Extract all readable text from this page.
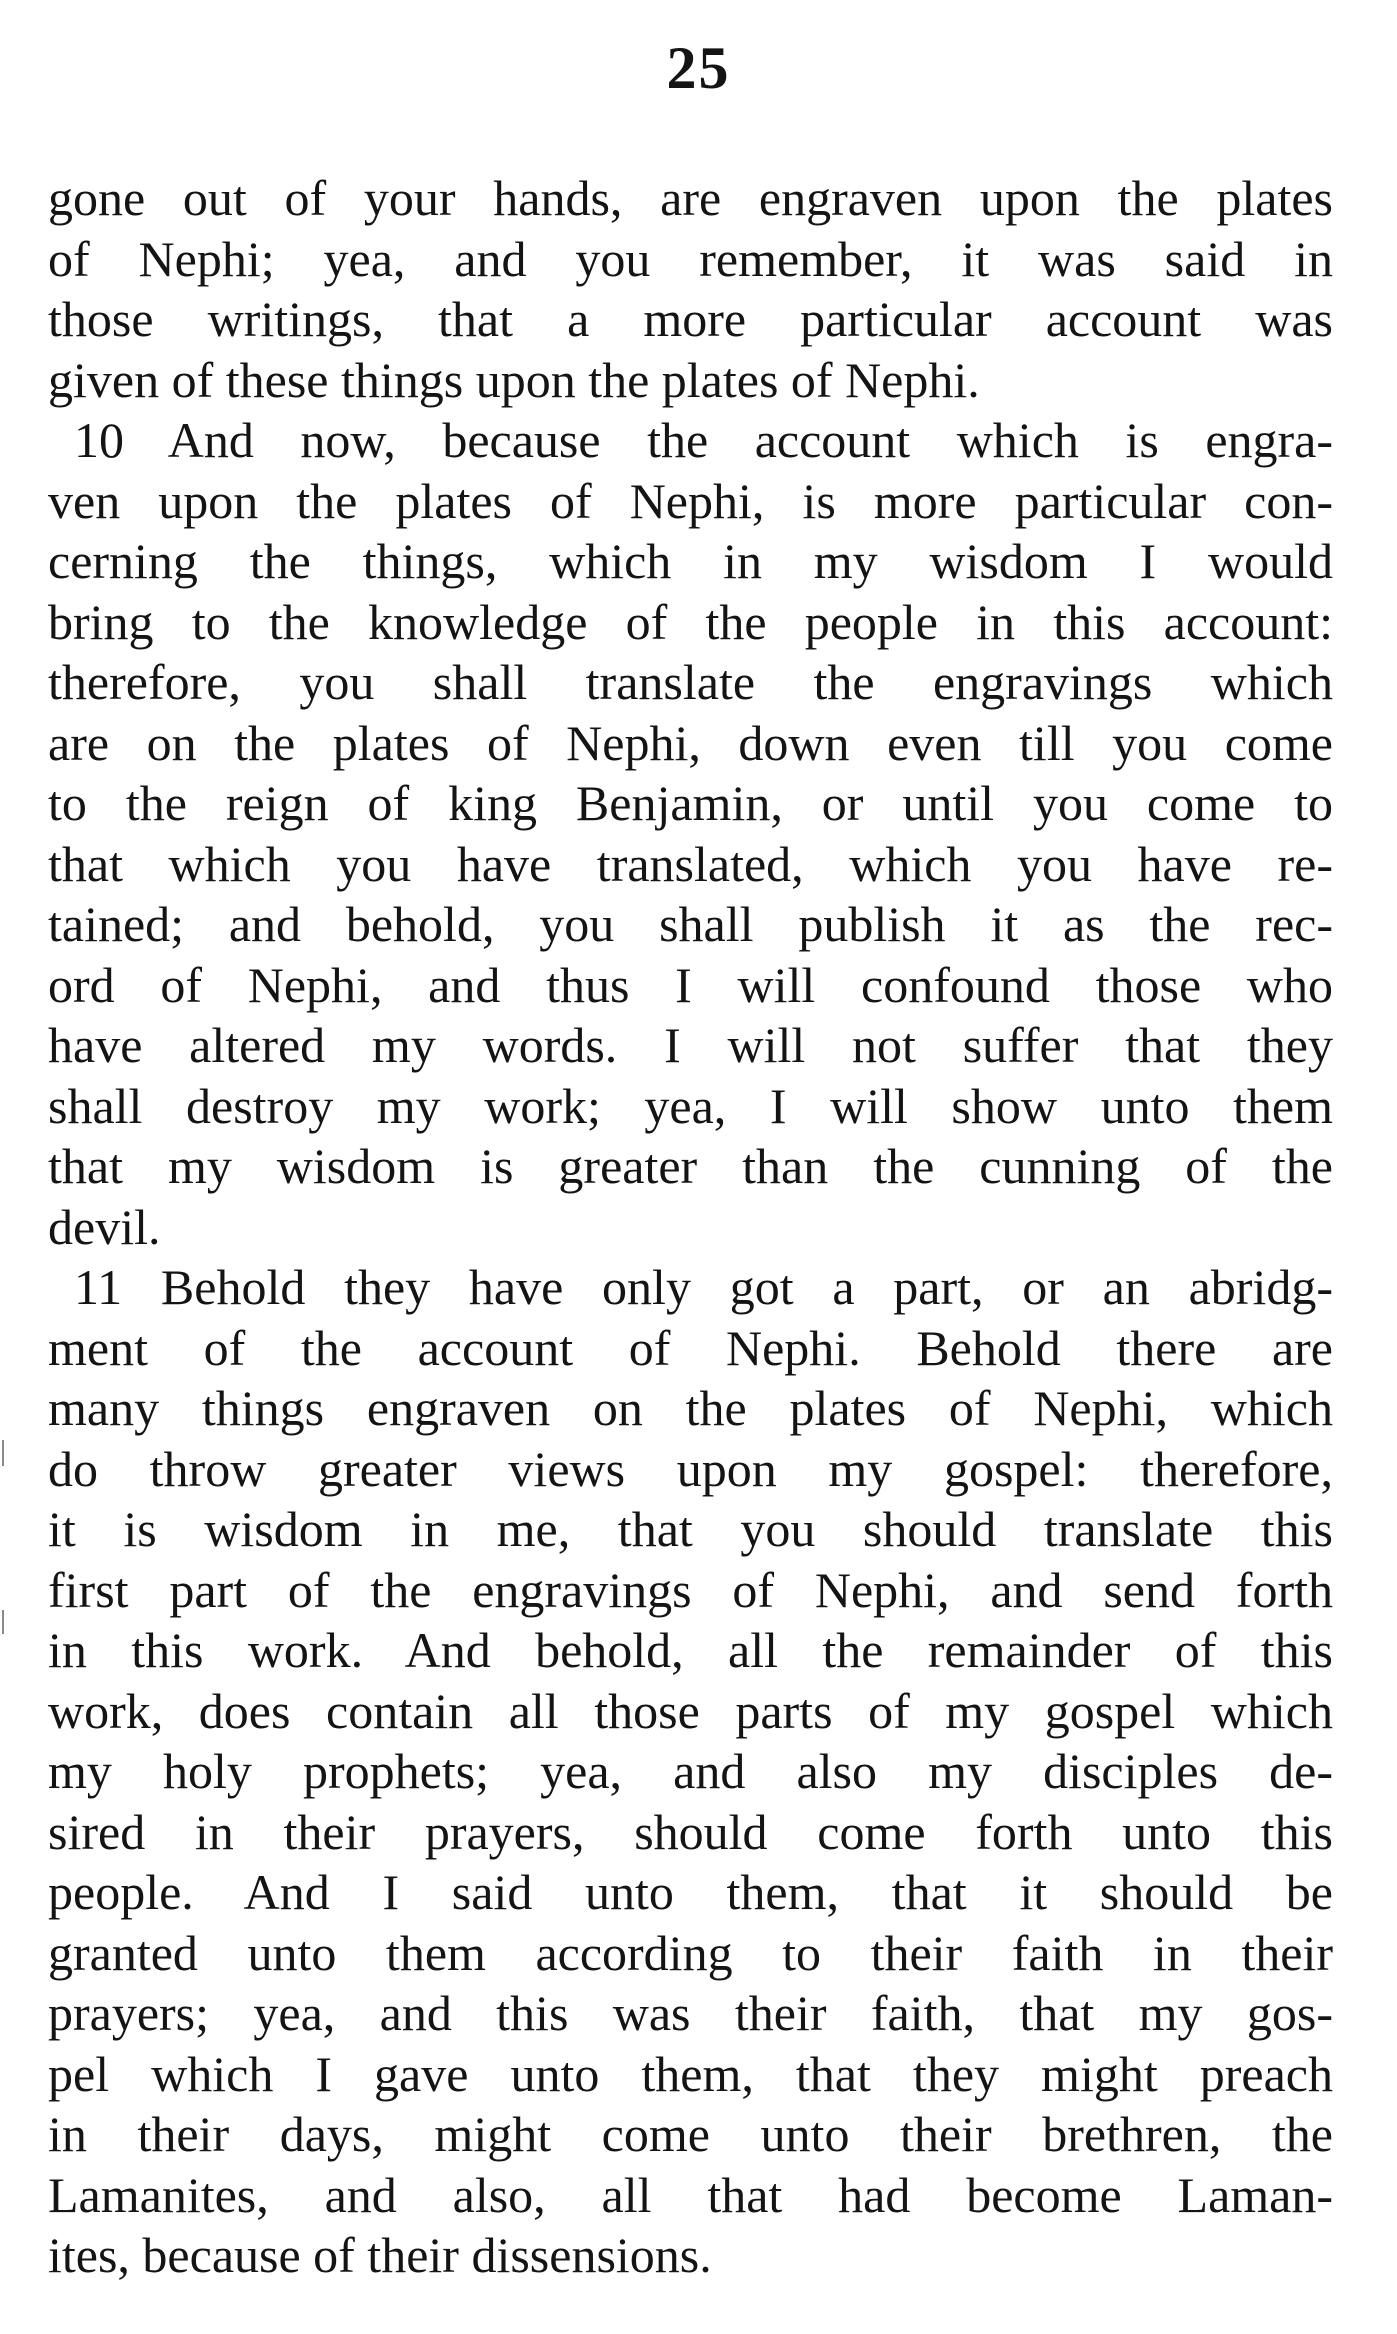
25
gone out of your hands, are engraven upon the plates
of Nephi; yea, and you remember, it was said in
those writings, that a more particular account was
given of these things upon the plates of Nephi.
10 And now, because the account which is engra-
ven upon the plates of Nephi, is more particular con-
cerning the things, which in my wisdom I would
bring to the knowledge of the people in this account:
therefore, you shall translate the engravings which
are on the plates of Nephi, down even till you come
to the reign of king Benjamin, or until you come to
that which you have translated, which you have re-
tained; and behold, you shall publish it as the rec-
ord of Nephi, and thus I will confound those who
have altered my words. I will not suffer that they
shall destroy my work; yea, I will show unto them
that my wisdom is greater than the cunning of the
devil.
11 Behold they have only got a part, or an abridg-
ment of the account of Nephi. Behold there are
many things engraven on the plates of Nephi, which
do throw greater views upon my gospel: therefore,
it is wisdom in me, that you should translate this
first part of the engravings of Nephi, and send forth
in this work. And behold, all the remainder of this
work, does contain all those parts of my gospel which
my holy prophets; yea, and also my disciples de-
sired in their prayers, should come forth unto this
people. And I said unto them, that it should be
granted unto them according to their faith in their
prayers; yea, and this was their faith, that my gos-
pel which I gave unto them, that they might preach
in their days, might come unto their brethren, the
Lamanites, and also, all that had become Laman-
ites, because of their dissensions.
